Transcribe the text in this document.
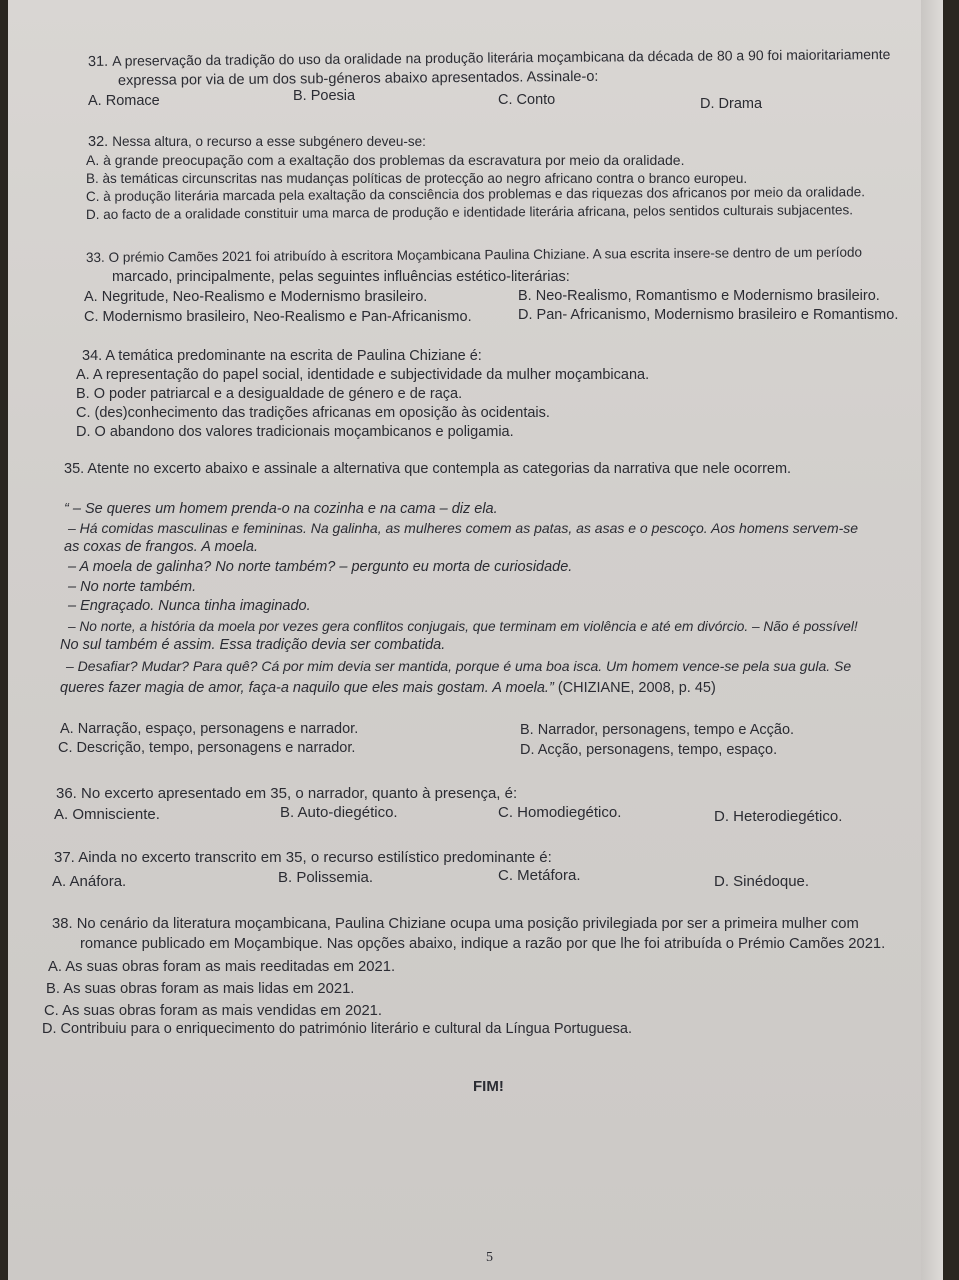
31. A preservação da tradição do uso da oralidade na produção literária moçambicana da década de 80 a 90 foi maioritariamente
expressa por via de um dos sub-géneros abaixo apresentados. Assinale-o:
A. Romace	B. Poesia	C. Conto	D. Drama
32. Nessa altura, o recurso a esse subgénero deveu-se:
A. à grande preocupação com a exaltação dos problemas da escravatura por meio da oralidade.
B. às temáticas circunscritas nas mudanças políticas de protecção ao negro africano contra o branco europeu.
C. à produção literária marcada pela exaltação da consciência dos problemas e das riquezas dos africanos por meio da oralidade.
D. ao facto de a oralidade constituir uma marca de produção e identidade literária africana, pelos sentidos culturais subjacentes.
33. O prémio Camões 2021 foi atribuído à escritora Moçambicana Paulina Chiziane. A sua escrita insere-se dentro de um período
marcado, principalmente, pelas seguintes influências estético-literárias:
A. Negritude, Neo-Realismo e Modernismo brasileiro.	B. Neo-Realismo, Romantismo e Modernismo brasileiro.
C. Modernismo brasileiro, Neo-Realismo e Pan-Africanismo.	D. Pan- Africanismo, Modernismo brasileiro e Romantismo.
34. A temática predominante na escrita de Paulina Chiziane é:
A. A representação do papel social, identidade e subjectividade da mulher moçambicana.
B. O poder patriarcal e a desigualdade de género e de raça.
C. (des)conhecimento das tradições africanas em oposição às ocidentais.
D. O abandono dos valores tradicionais moçambicanos e poligamia.
35. Atente no excerto abaixo e assinale a alternativa que contempla as categorias da narrativa que nele ocorrem.
“ – Se queres um homem prenda-o na cozinha e na cama – diz ela.
– Há comidas masculinas e femininas. Na galinha, as mulheres comem as patas, as asas e o pescoço. Aos homens servem-se
as coxas de frangos. A moela.
– A moela de galinha? No norte também? – pergunto eu morta de curiosidade.
– No norte também.
– Engraçado. Nunca tinha imaginado.
– No norte, a história da moela por vezes gera conflitos conjugais, que terminam em violência e até em divórcio. – Não é possível!
No sul também é assim. Essa tradição devia ser combatida.
– Desafiar? Mudar? Para quê? Cá por mim devia ser mantida, porque é uma boa isca. Um homem vence-se pela sua gula. Se
queres fazer magia de amor, faça-a naquilo que eles mais gostam. A moela.” (CHIZIANE, 2008, p. 45)
A. Narração, espaço, personagens e narrador.	B. Narrador, personagens, tempo e Acção.
C. Descrição, tempo, personagens e narrador.	D. Acção, personagens, tempo, espaço.
36. No excerto apresentado em 35, o narrador, quanto à presença, é:
A. Omnisciente.	B. Auto-diegético.	C. Homodiegético.	D. Heterodiegético.
37. Ainda no excerto transcrito em 35, o recurso estilístico predominante é:
A. Anáfora.	B. Polissemia.	C. Metáfora.	D. Sinédoque.
38. No cenário da literatura moçambicana, Paulina Chiziane ocupa uma posição privilegiada por ser a primeira mulher com
romance publicado em Moçambique. Nas opções abaixo, indique a razão por que lhe foi atribuída o Prémio Camões 2021.
A. As suas obras foram as mais reeditadas em 2021.
B. As suas obras foram as mais lidas em 2021.
C. As suas obras foram as mais vendidas em 2021.
D. Contribuiu para o enriquecimento do património literário e cultural da Língua Portuguesa.
FIM!
5
